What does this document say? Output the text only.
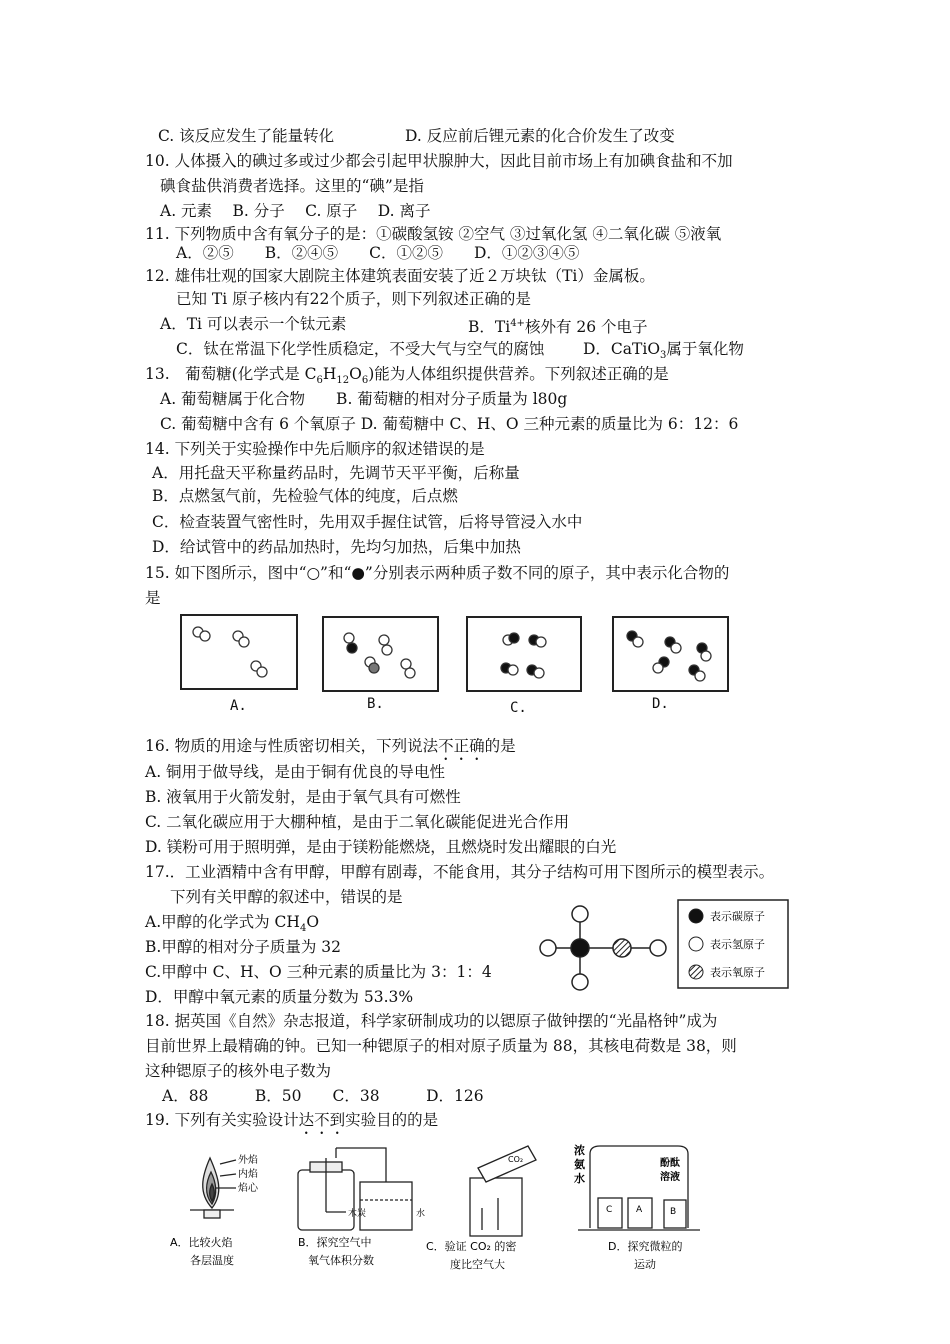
C. 该反应发生了能量转化	D. 反应前后锂元素的化合价发生了改变
10. 人体摄入的碘过多或过少都会引起甲状腺肿大，因此目前市场上有加碘食盐和不加
碘食盐供消费者选择。这里的“碘”是指
A. 元素　 B. 分子　 C. 原子　 D. 离子
11. 下列物质中含有氧分子的是：①碳酸氢铵 ②空气 ③过氧化氢 ④二氧化碳 ⑤液氧
A．②⑤　　B．②④⑤　　C．①②⑤　　D．①②③④⑤
12. 雄伟壮观的国家大剧院主体建筑表面安装了近２万块钛（Ti）金属板。
已知 Ti 原子核内有22个质子，则下列叙述正确的是
A．Ti 可以表示一个钛元素	B．$Ti^{4+}$核外有 26 个电子
C．钛在常温下化学性质稳定，不受大气与空气的腐蚀 D．CaTiO$_3$属于氧化物
13.　葡萄糖(化学式是 $C_6H_{12}O_6$)能为人体组织提供营养。下列叙述正确的是
A. 葡萄糖属于化合物　　B. 葡萄糖的相对分子质量为 l80g
C. 葡萄糖中含有 6 个氧原子 D. 葡萄糖中 C、H、O 三种元素的质量比为 6：12：6
14. 下列关于实验操作中先后顺序的叙述错误的是
A．用托盘天平称量药品时，先调节天平平衡，后称量
B．点燃氢气前，先检验气体的纯度，后点燃
C．检查装置气密性时，先用双手握住试管，后将导管浸入水中
D．给试管中的药品加热时，先均匀加热，后集中加热
15. 如下图所示，图中“○”和“●”分别表示两种质子数不同的原子，其中表示化合物的
是
A.	B.	C.	D.
16. 物质的用途与性质密切相关，下列说法不正确的是
A. 铜用于做导线，是由于铜有优良的导电性
B. 液氧用于火箭发射，是由于氧气具有可燃性
C. 二氧化碳应用于大棚种植，是由于二氧化碳能促进光合作用
D. 镁粉可用于照明弹，是由于镁粉能燃烧，且燃烧时发出耀眼的白光
17.．工业酒精中含有甲醇，甲醇有剧毒，不能食用，其分子结构可用下图所示的模型表示。
下列有关甲醇的叙述中，错误的是
A.甲醇的化学式为 $CH_4O$
B.甲醇的相对分子质量为 32
C.甲醇中 C、H、O 三种元素的质量比为 3：1：4
D．甲醇中氧元素的质量分数为 53.3%
表示碳原子
表示氢原子
表示氧原子
18. 据英国《自然》杂志报道，科学家研制成功的以锶原子做钟摆的“光晶格钟”成为
目前世界上最精确的钟。已知一种锶原子的相对原子质量为 88，其核电荷数是 38，则
这种锶原子的核外电子数为
A．88　　　B．50　　C．38　　　D．126
19. 下列有关实验设计达不到实验目的的是
外焰
内焰
焰心
A．比较火焰
各层温度
木炭	水
B．探究空气中
氧气体积分数
CO₂
C．验证 CO₂ 的密
度比空气大
浓
氨
水
酚酞
溶液
C	A	B
D．探究微粒的
运动
